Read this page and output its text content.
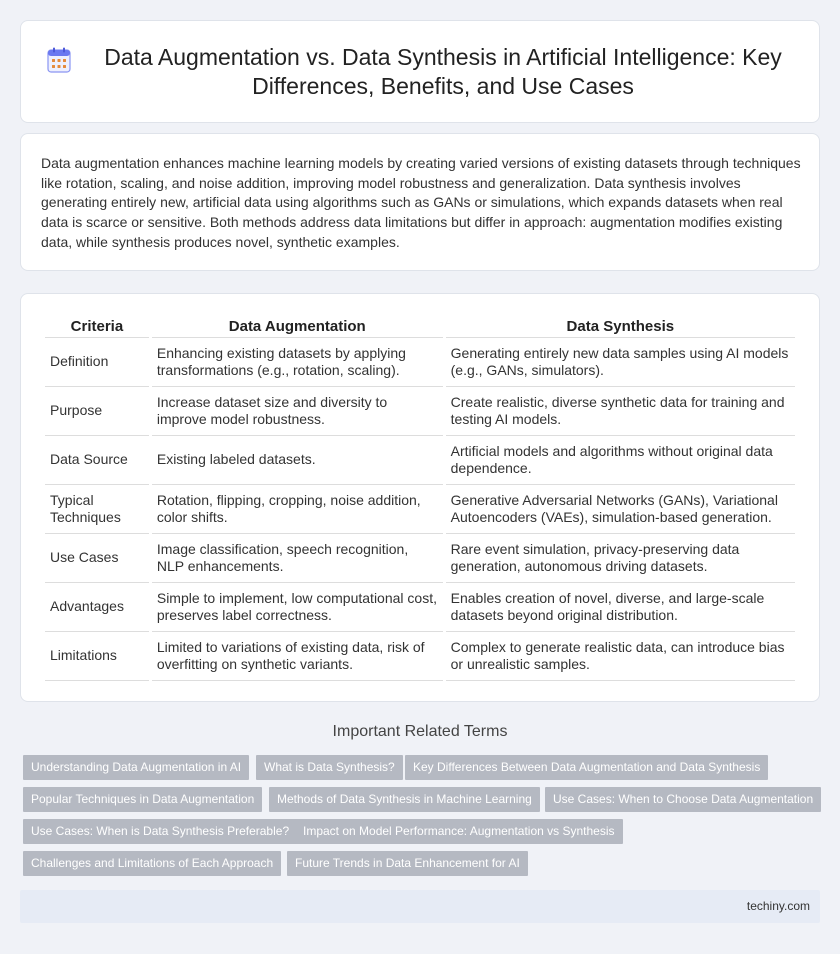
Data Augmentation vs. Data Synthesis in Artificial Intelligence: Key Differences, Benefits, and Use Cases

Data augmentation enhances machine learning models by creating varied versions of existing datasets through techniques like rotation, scaling, and noise addition, improving model robustness and generalization. Data synthesis involves generating entirely new, artificial data using algorithms such as GANs or simulations, which expands datasets when real data is scarce or sensitive. Both methods address data limitations but differ in approach: augmentation modifies existing data, while synthesis produces novel, synthetic examples.

Criteria	Data Augmentation	Data Synthesis
Definition	Enhancing existing datasets by applying transformations (e.g., rotation, scaling).	Generating entirely new data samples using AI models (e.g., GANs, simulators).
Purpose	Increase dataset size and diversity to improve model robustness.	Create realistic, diverse synthetic data for training and testing AI models.
Data Source	Existing labeled datasets.	Artificial models and algorithms without original data dependence.
Typical Techniques	Rotation, flipping, cropping, noise addition, color shifts.	Generative Adversarial Networks (GANs), Variational Autoencoders (VAEs), simulation-based generation.
Use Cases	Image classification, speech recognition, NLP enhancements.	Rare event simulation, privacy-preserving data generation, autonomous driving datasets.
Advantages	Simple to implement, low computational cost, preserves label correctness.	Enables creation of novel, diverse, and large-scale datasets beyond original distribution.
Limitations	Limited to variations of existing data, risk of overfitting on synthetic variants.	Complex to generate realistic data, can introduce bias or unrealistic samples.
Important Related Terms
Understanding Data Augmentation in AI	What is Data Synthesis?	Key Differences Between Data Augmentation and Data Synthesis
Popular Techniques in Data Augmentation	Methods of Data Synthesis in Machine Learning	Use Cases: When to Choose Data Augmentation
Use Cases: When is Data Synthesis Preferable?	Impact on Model Performance: Augmentation vs Synthesis
Challenges and Limitations of Each Approach	Future Trends in Data Enhancement for AI
techiny.com
